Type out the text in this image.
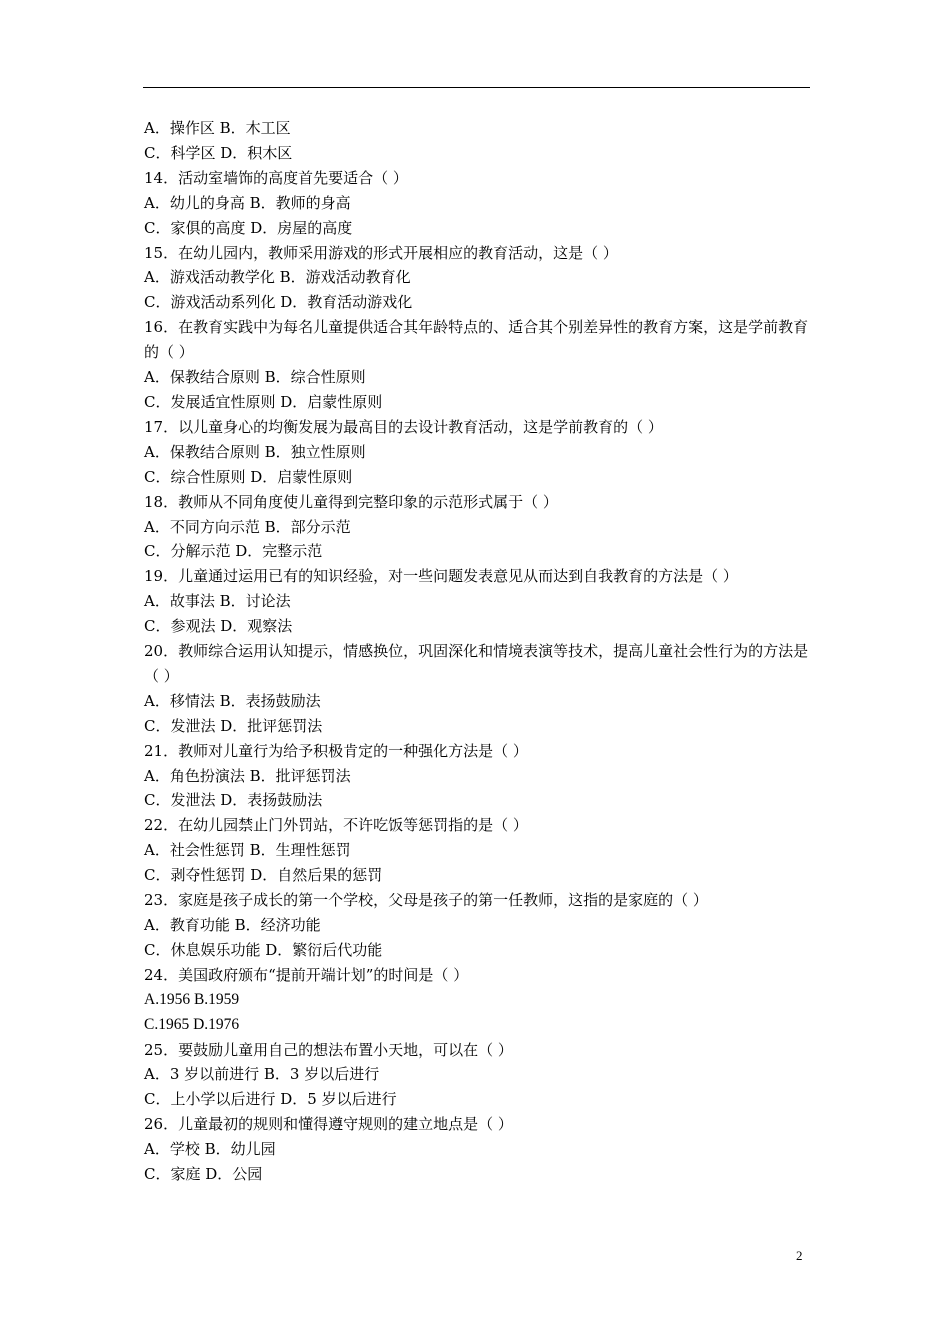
A．操作区 B．木工区
C．科学区 D．积木区
14．活动室墙饰的高度首先要适合（ ）
A．幼儿的身高 B．教师的身高
C．家俱的高度 D．房屋的高度
15．在幼儿园内，教师采用游戏的形式开展相应的教育活动，这是（ ）
A．游戏活动教学化 B．游戏活动教育化
C．游戏活动系列化 D．教育活动游戏化
16．在教育实践中为每名儿童提供适合其年龄特点的、适合其个别差异性的教育方案，这是学前教育的（ ）
A．保教结合原则 B．综合性原则
C．发展适宜性原则 D．启蒙性原则
17．以儿童身心的均衡发展为最高目的去设计教育活动，这是学前教育的（ ）
A．保教结合原则 B．独立性原则
C．综合性原则 D．启蒙性原则
18．教师从不同角度使儿童得到完整印象的示范形式属于（ ）
A．不同方向示范 B．部分示范
C．分解示范 D．完整示范
19．儿童通过运用已有的知识经验，对一些问题发表意见从而达到自我教育的方法是（ ）
A．故事法 B．讨论法
C．参观法 D．观察法
20．教师综合运用认知提示，情感换位，巩固深化和情境表演等技术，提高儿童社会性行为的方法是（ ）
A．移情法 B．表扬鼓励法
C．发泄法 D．批评惩罚法
21．教师对儿童行为给予积极肯定的一种强化方法是（ ）
A．角色扮演法 B．批评惩罚法
C．发泄法 D．表扬鼓励法
22．在幼儿园禁止门外罚站，不许吃饭等惩罚指的是（ ）
A．社会性惩罚 B．生理性惩罚
C．剥夺性惩罚 D．自然后果的惩罚
23．家庭是孩子成长的第一个学校，父母是孩子的第一任教师，这指的是家庭的（ ）
A．教育功能 B．经济功能
C．休息娱乐功能 D．繁衍后代功能
24．美国政府颁布“提前开端计划”的时间是（ ）
A.1956 B.1959
C.1965 D.1976
25．要鼓励儿童用自己的想法布置小天地，可以在（ ）
A．3 岁以前进行 B．3 岁以后进行
C．上小学以后进行 D．5 岁以后进行
26．儿童最初的规则和懂得遵守规则的建立地点是（ ）
A．学校 B．幼儿园
C．家庭 D．公园
2
